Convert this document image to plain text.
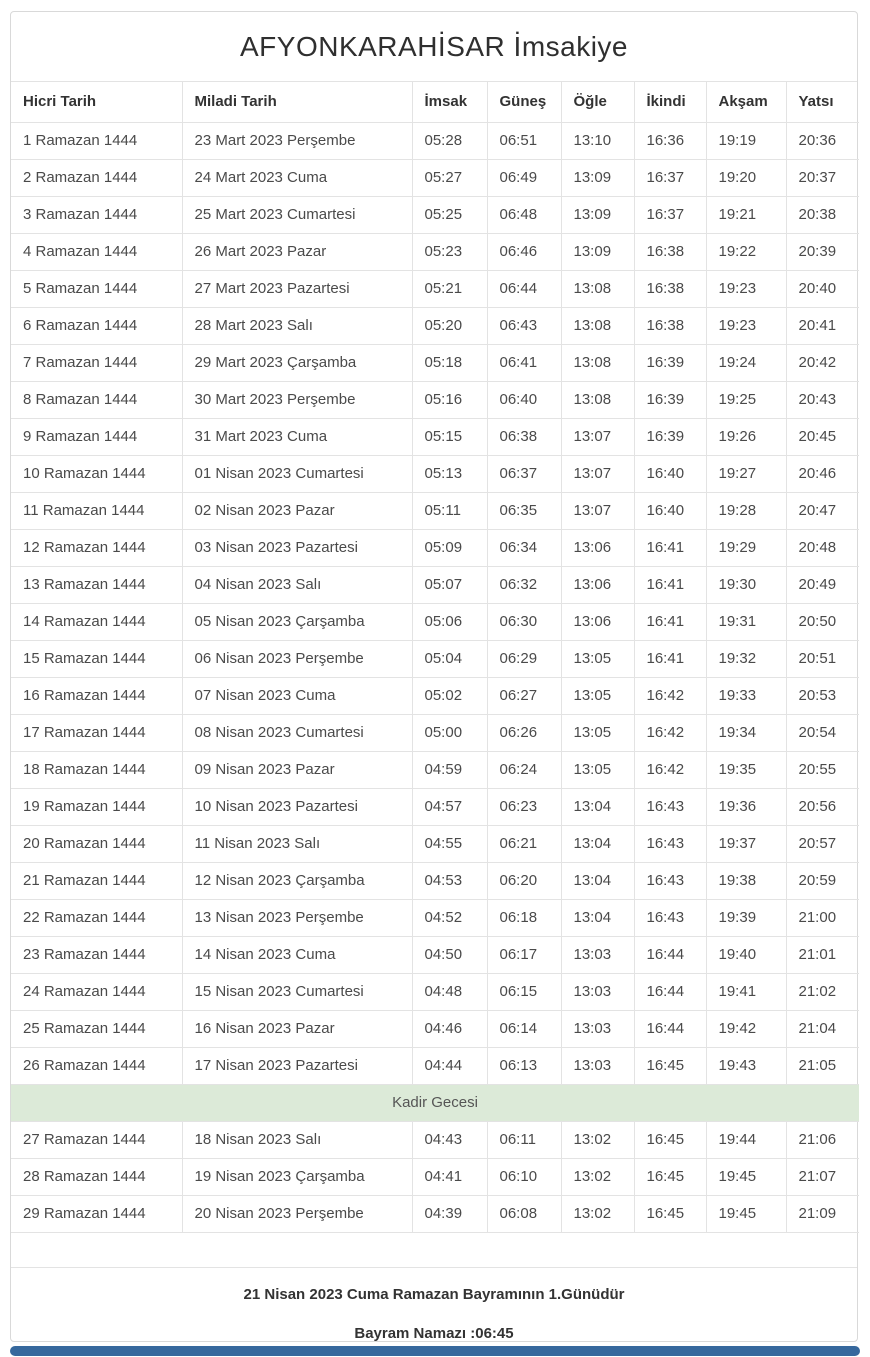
AFYONKARAHİSAR İmsakiye
Hicri Tarih	Miladi Tarih	İmsak	Güneş	Öğle	İkindi	Akşam	Yatsı
1 Ramazan 1444	23 Mart 2023 Perşembe	05:28	06:51	13:10	16:36	19:19	20:36
2 Ramazan 1444	24 Mart 2023 Cuma	05:27	06:49	13:09	16:37	19:20	20:37
3 Ramazan 1444	25 Mart 2023 Cumartesi	05:25	06:48	13:09	16:37	19:21	20:38
4 Ramazan 1444	26 Mart 2023 Pazar	05:23	06:46	13:09	16:38	19:22	20:39
5 Ramazan 1444	27 Mart 2023 Pazartesi	05:21	06:44	13:08	16:38	19:23	20:40
6 Ramazan 1444	28 Mart 2023 Salı	05:20	06:43	13:08	16:38	19:23	20:41
7 Ramazan 1444	29 Mart 2023 Çarşamba	05:18	06:41	13:08	16:39	19:24	20:42
8 Ramazan 1444	30 Mart 2023 Perşembe	05:16	06:40	13:08	16:39	19:25	20:43
9 Ramazan 1444	31 Mart 2023 Cuma	05:15	06:38	13:07	16:39	19:26	20:45
10 Ramazan 1444	01 Nisan 2023 Cumartesi	05:13	06:37	13:07	16:40	19:27	20:46
11 Ramazan 1444	02 Nisan 2023 Pazar	05:11	06:35	13:07	16:40	19:28	20:47
12 Ramazan 1444	03 Nisan 2023 Pazartesi	05:09	06:34	13:06	16:41	19:29	20:48
13 Ramazan 1444	04 Nisan 2023 Salı	05:07	06:32	13:06	16:41	19:30	20:49
14 Ramazan 1444	05 Nisan 2023 Çarşamba	05:06	06:30	13:06	16:41	19:31	20:50
15 Ramazan 1444	06 Nisan 2023 Perşembe	05:04	06:29	13:05	16:41	19:32	20:51
16 Ramazan 1444	07 Nisan 2023 Cuma	05:02	06:27	13:05	16:42	19:33	20:53
17 Ramazan 1444	08 Nisan 2023 Cumartesi	05:00	06:26	13:05	16:42	19:34	20:54
18 Ramazan 1444	09 Nisan 2023 Pazar	04:59	06:24	13:05	16:42	19:35	20:55
19 Ramazan 1444	10 Nisan 2023 Pazartesi	04:57	06:23	13:04	16:43	19:36	20:56
20 Ramazan 1444	11 Nisan 2023 Salı	04:55	06:21	13:04	16:43	19:37	20:57
21 Ramazan 1444	12 Nisan 2023 Çarşamba	04:53	06:20	13:04	16:43	19:38	20:59
22 Ramazan 1444	13 Nisan 2023 Perşembe	04:52	06:18	13:04	16:43	19:39	21:00
23 Ramazan 1444	14 Nisan 2023 Cuma	04:50	06:17	13:03	16:44	19:40	21:01
24 Ramazan 1444	15 Nisan 2023 Cumartesi	04:48	06:15	13:03	16:44	19:41	21:02
25 Ramazan 1444	16 Nisan 2023 Pazar	04:46	06:14	13:03	16:44	19:42	21:04
26 Ramazan 1444	17 Nisan 2023 Pazartesi	04:44	06:13	13:03	16:45	19:43	21:05
Kadir Gecesi							
27 Ramazan 1444	18 Nisan 2023 Salı	04:43	06:11	13:02	16:45	19:44	21:06
28 Ramazan 1444	19 Nisan 2023 Çarşamba	04:41	06:10	13:02	16:45	19:45	21:07
29 Ramazan 1444	20 Nisan 2023 Perşembe	04:39	06:08	13:02	16:45	19:45	21:09

21 Nisan 2023 Cuma Ramazan Bayramının 1.Günüdür
Bayram Namazı :06:45
